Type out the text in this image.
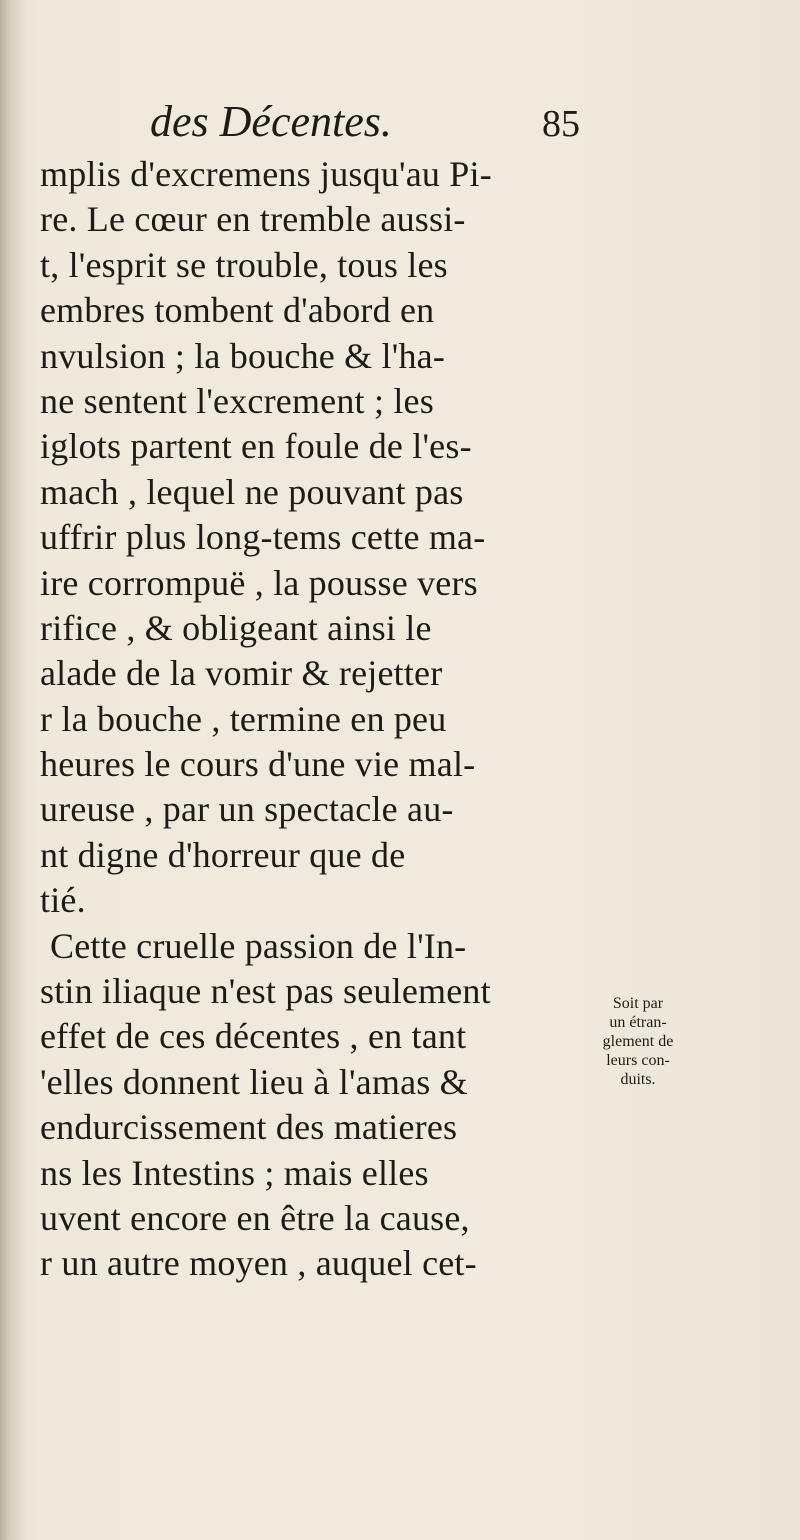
des Décentes.	85
mplis d'excremens jusqu'au Pi-
re. Le cœur en tremble aussi-
t, l'esprit se trouble, tous les
embres tombent d'abord en
nvulsion ; la bouche & l'ha-
ne sentent l'excrement ; les
iglots partent en foule de l'es-
mach , lequel ne pouvant pas
uffrir plus long-tems cette ma-
ire corrompuë , la pousse vers
rifice , & obligeant ainsi le
alade de la vomir & rejetter
r la bouche , termine en peu
heures le cours d'une vie mal-
ureuse , par un spectacle au-
nt digne d'horreur que de
tié.
Cette cruelle passion de l'In-
stin iliaque n'est pas seulement
effet de ces décentes , en tant
'elles donnent lieu à l'amas &
endurcissement des matieres
ns les Intestins ; mais elles
uvent encore en être la cause,
r un autre moyen , auquel cet-
Soit par
un étran-
glement de
leurs con-
duits.
